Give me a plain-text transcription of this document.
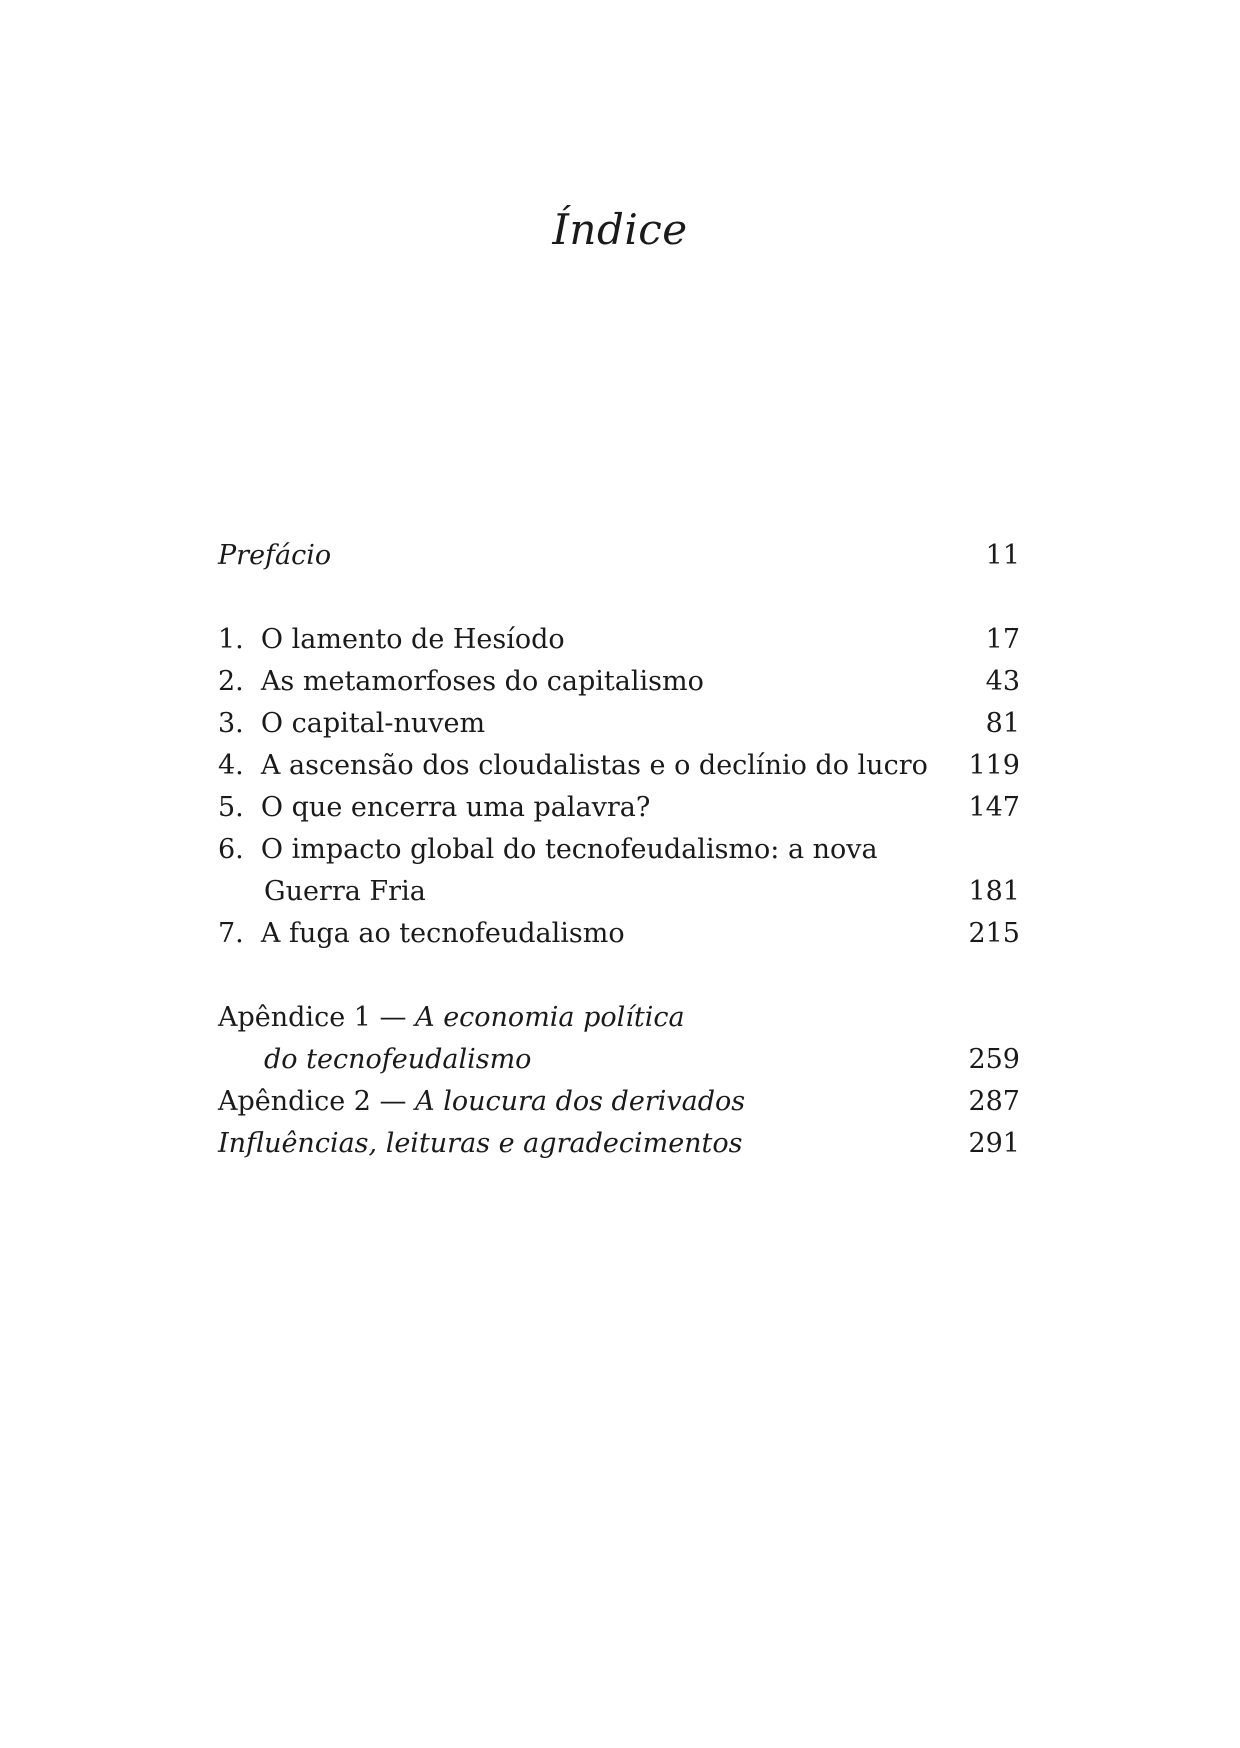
Índice
Prefácio	11
1.  O lamento de Hesíodo	17
2.  As metamorfoses do capitalismo	43
3.  O capital-nuvem	81
4.  A ascensão dos cloudalistas e o declínio do lucro 119
5.  O que encerra uma palavra?	147
6.  O impacto global do tecnofeudalismo: a nova
Guerra Fria	181
7.  A fuga ao tecnofeudalismo	215
Apêndice 1 — A economia política
do tecnofeudalismo	259
Apêndice 2 — A loucura dos derivados	287
Influências, leituras e agradecimentos	291
